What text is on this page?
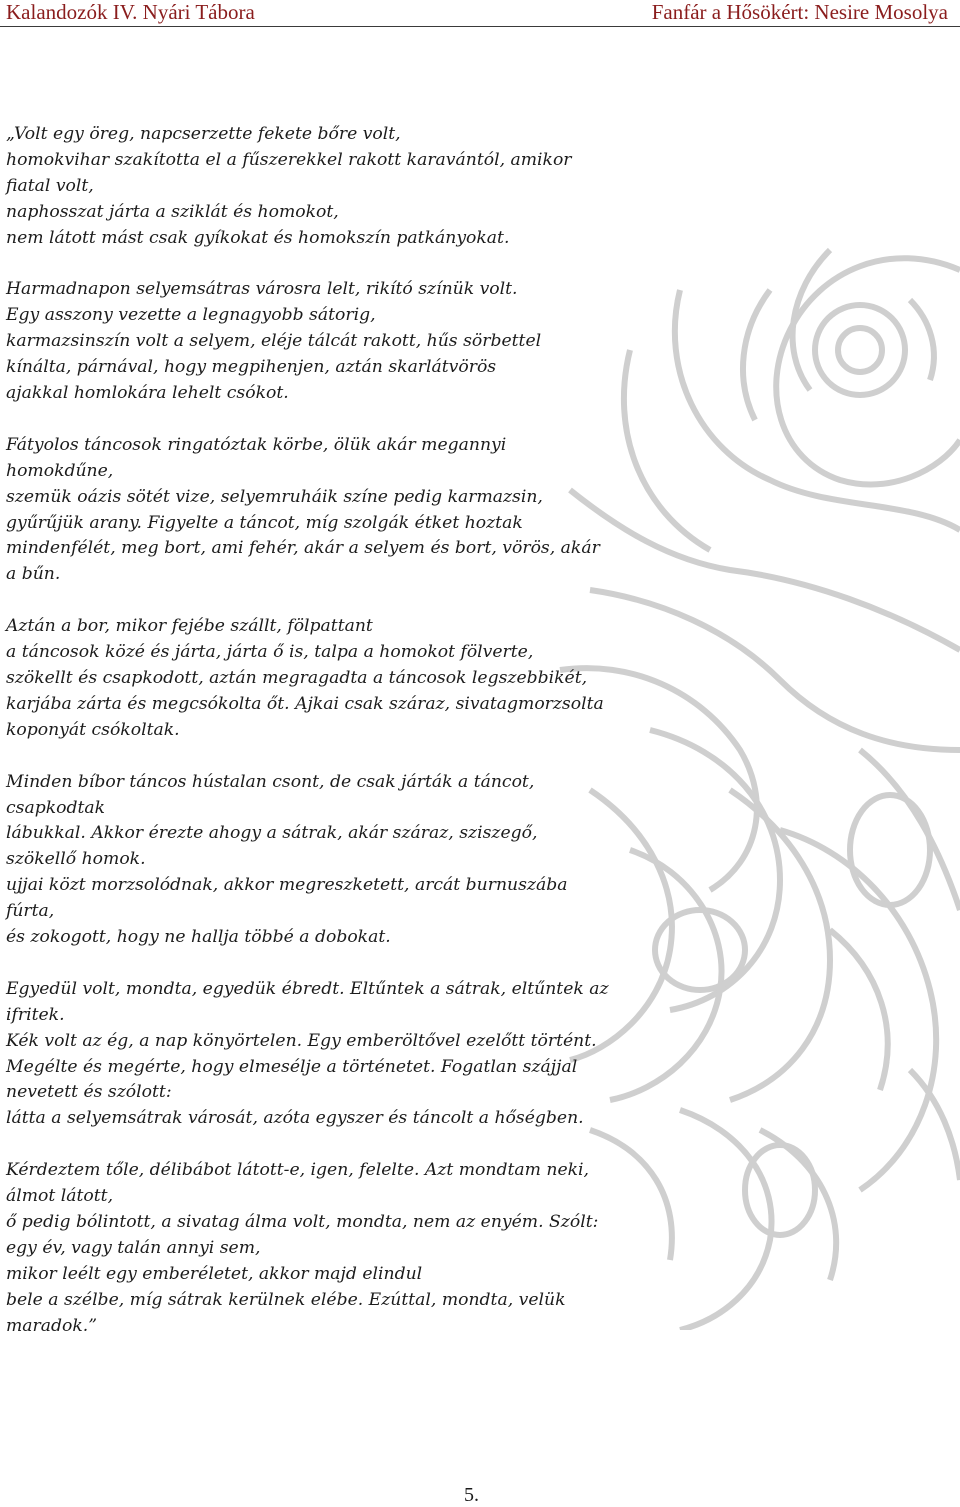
Kalandozók IV. Nyári Tábora	Fanfár a Hősökért: Nesire Mosolya
„Volt egy öreg, napcserzette fekete bőre volt,
homokvihar szakította el a fűszerekkel rakott karavántól, amikor
fiatal volt,
naphosszat járta a sziklát és homokot,
nem látott mást csak gyíkokat és homokszín patkányokat.
Harmadnapon selyemsátras városra lelt, rikító színük volt.
Egy asszony vezette a legnagyobb sátorig,
karmazsinszín volt a selyem, eléje tálcát rakott, hűs sörbettel
kínálta, párnával, hogy megpihenjen, aztán skarlátvörös
ajakkal homlokára lehelt csókot.
Fátyolos táncosok ringatóztak körbe, ölük akár megannyi
homokdűne,
szemük oázis sötét vize, selyemruháik színe pedig karmazsin,
gyűrűjük arany. Figyelte a táncot, míg szolgák étket hoztak
mindenfélét, meg bort, ami fehér, akár a selyem és bort, vörös, akár
a bűn.
Aztán a bor, mikor fejébe szállt, fölpattant
a táncosok közé és járta, járta ő is, talpa a homokot fölverte,
szökellt és csapkodott, aztán megragadta a táncosok legszebbikét,
karjába zárta és megcsókolta őt. Ajkai csak száraz, sivatagmorzsolta
koponyát csókoltak.
Minden bíbor táncos hústalan csont, de csak járták a táncot,
csapkodtak
lábukkal. Akkor érezte ahogy a sátrak, akár száraz, sziszegő,
szökellő homok.
ujjai közt morzsolódnak, akkor megreszketett, arcát burnuszába
fúrta,
és zokogott, hogy ne hallja többé a dobokat.
Egyedül volt, mondta, egyedük ébredt. Eltűntek a sátrak, eltűntek az
ifritek.
Kék volt az ég, a nap könyörtelen. Egy emberöltővel ezelőtt történt.
Megélte és megérte, hogy elmesélje a történetet. Fogatlan szájjal
nevetett és szólott:
látta a selyemsátrak városát, azóta egyszer és táncolt a hőségben.
Kérdeztem tőle, délibábot látott-e, igen, felelte. Azt mondtam neki,
álmot látott,
ő pedig bólintott, a sivatag álma volt, mondta, nem az enyém. Szólt:
egy év, vagy talán annyi sem,
mikor leélt egy emberéletet, akkor majd elindul
bele a szélbe, míg sátrak kerülnek elébe. Ezúttal, mondta, velük
maradok.”
5.
